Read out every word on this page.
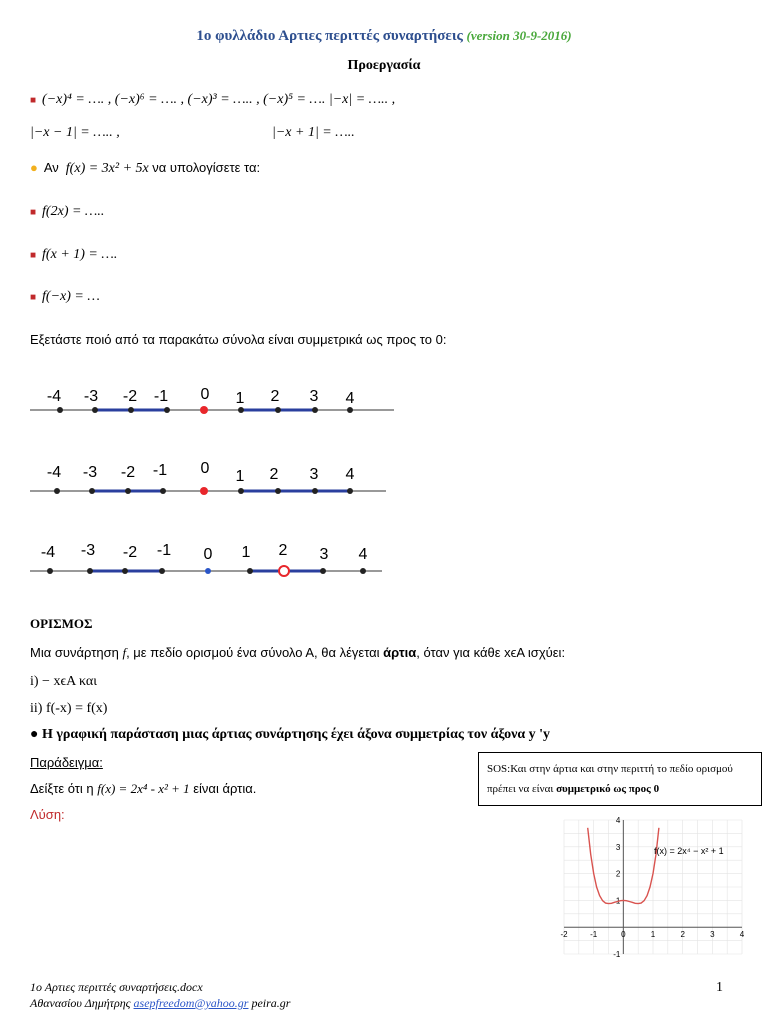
1ο φυλλάδιο Αρτιες περιττές συναρτήσεις (version 30-9-2016)
Προεργασία
■ (−x)⁴ = …. , (−x)⁶ = …. , (−x)³ = ….. , (−x)⁵ = …. |−x| = ….. ,
|−x − 1| = ….. ,	|−x + 1| = …..
● Αν f(x) = 3x² + 5x να υπολογίσετε τα:
■ f(2x) = …..
■ f(x + 1) = ….
■ f(−x) = …
Εξετάστε ποιό από τα παρακάτω σύνολα είναι συμμετρικά ως προς το 0:
-4 -3 -2 -1 0 1 2 3 4
-4 -3 -2 -1 0 1 2 3 4
-4 -3 -2 -1 0 1 2 3 4
ΟΡΙΣΜΟΣ
Μια συνάρτηση f, με πεδίο ορισμού ένα σύνολο Α, θα λέγεται άρτια, όταν για κάθε xϵA ισχύει:
i) − xϵA και
ii) f(-x) = f(x)
● Η γραφική παράσταση μιας άρτιας συνάρτησης έχει άξονα συμμετρίας τον άξονα y 'y
Παράδειγμα:
Δείξτε ότι η f(x) = 2x⁴ - x² + 1 είναι άρτια.
Λύση:
SOS:Και στην άρτια και στην περιττή το πεδίο ορισμού πρέπει να είναι συμμετρικό ως προς 0
-2	-1	0	1	2	3	4
-1
1
2
3
4
f(x) = 2x⁴ − x² + 1
1ο Αρτιες περιττές συναρτήσεις.docx	1
Αθανασίου Δημήτρης asepfreedom@yahoo.gr peira.gr
